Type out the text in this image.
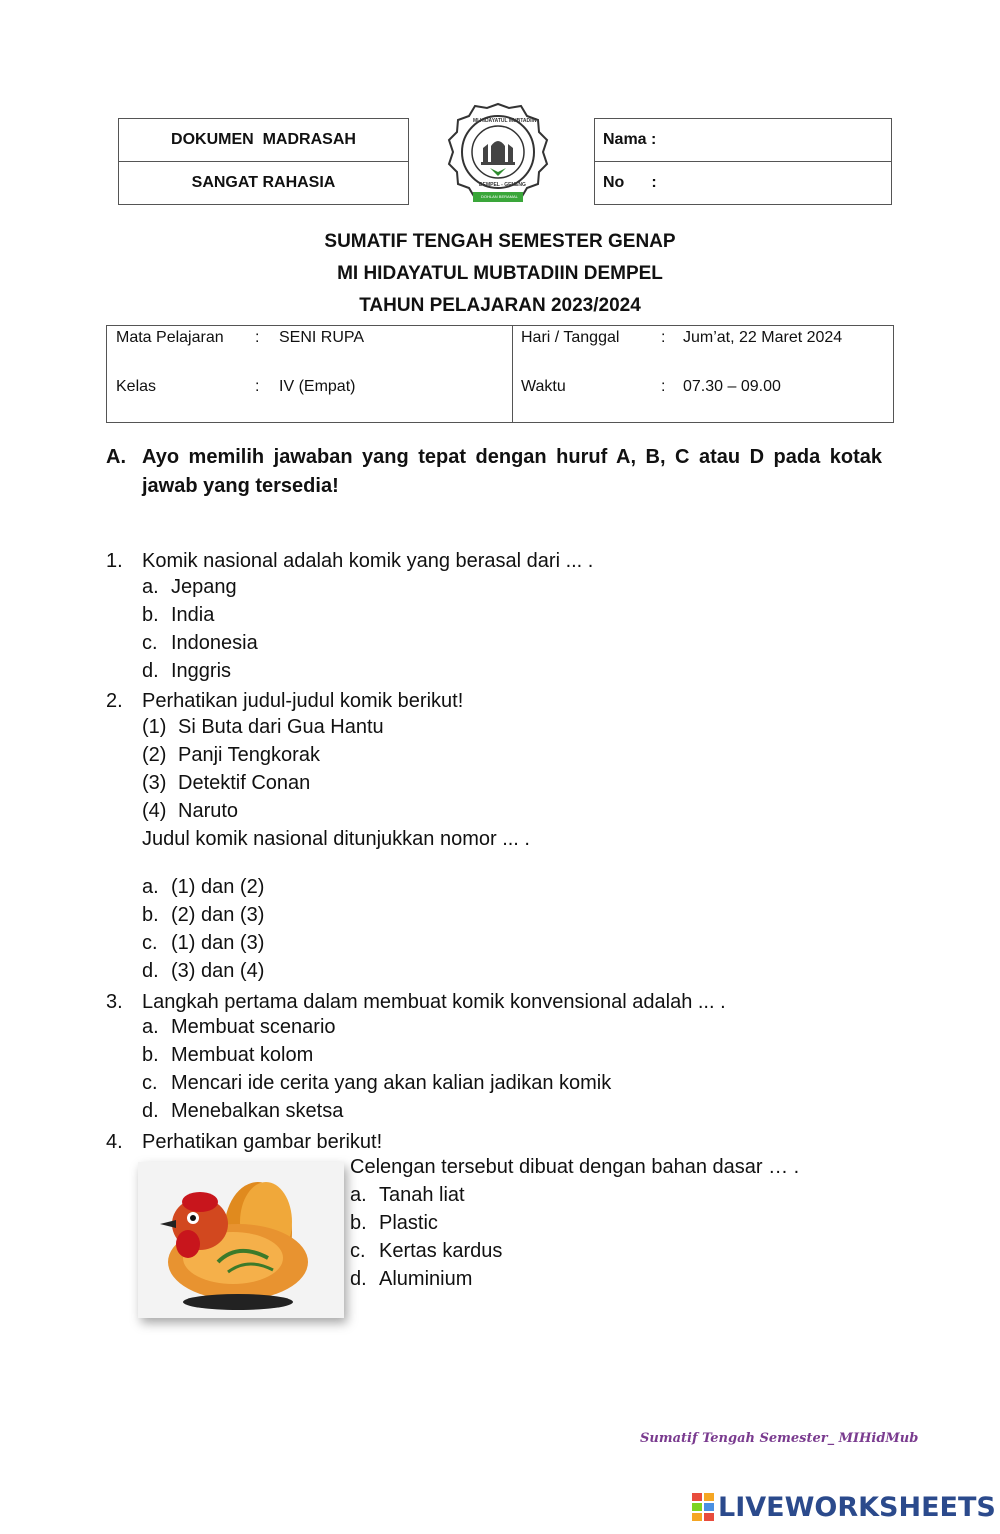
DOKUMEN  MADRASAH
SANGAT RAHASIA
MI HIDAYATUL MUBTADIIN
DEMPEL - GENENG
DOHLAN BERAMAL
Nama :
No :
SUMATIF TENGAH SEMESTER GENAP
MI HIDAYATUL MUBTADIIN DEMPEL
TAHUN PELAJARAN 2023/2024
Mata Pelajaran : SENI RUPA
Kelas	: IV (Empat)
Hari / Tanggal	: Jum’at, 22 Maret 2024
Waktu	: 07.30 – 09.00
A. Ayo memilih jawaban yang tepat dengan huruf A, B, C atau D pada kotak jawab yang tersedia!
1. Komik nasional adalah komik yang berasal dari ... .
a. Jepang
b. India
c. Indonesia
d. Inggris
2. Perhatikan judul-judul komik berikut!
(1) Si Buta dari Gua Hantu
(2) Panji Tengkorak
(3) Detektif Conan
(4) Naruto
Judul komik nasional ditunjukkan nomor ... .
a. (1) dan (2)
b. (2) dan (3)
c. (1) dan (3)
d. (3) dan (4)
3. Langkah pertama dalam membuat komik konvensional adalah ... .
a. Membuat scenario
b. Membuat kolom
c. Mencari ide cerita yang akan kalian jadikan komik
d. Menebalkan sketsa
4. Perhatikan gambar berikut!
Celengan tersebut dibuat dengan bahan dasar … .
a. Tanah liat
b. Plastic
c. Kertas kardus
d. Aluminium
Sumatif Tengah Semester_ MIHidMub
LIVEWORKSHEETS
